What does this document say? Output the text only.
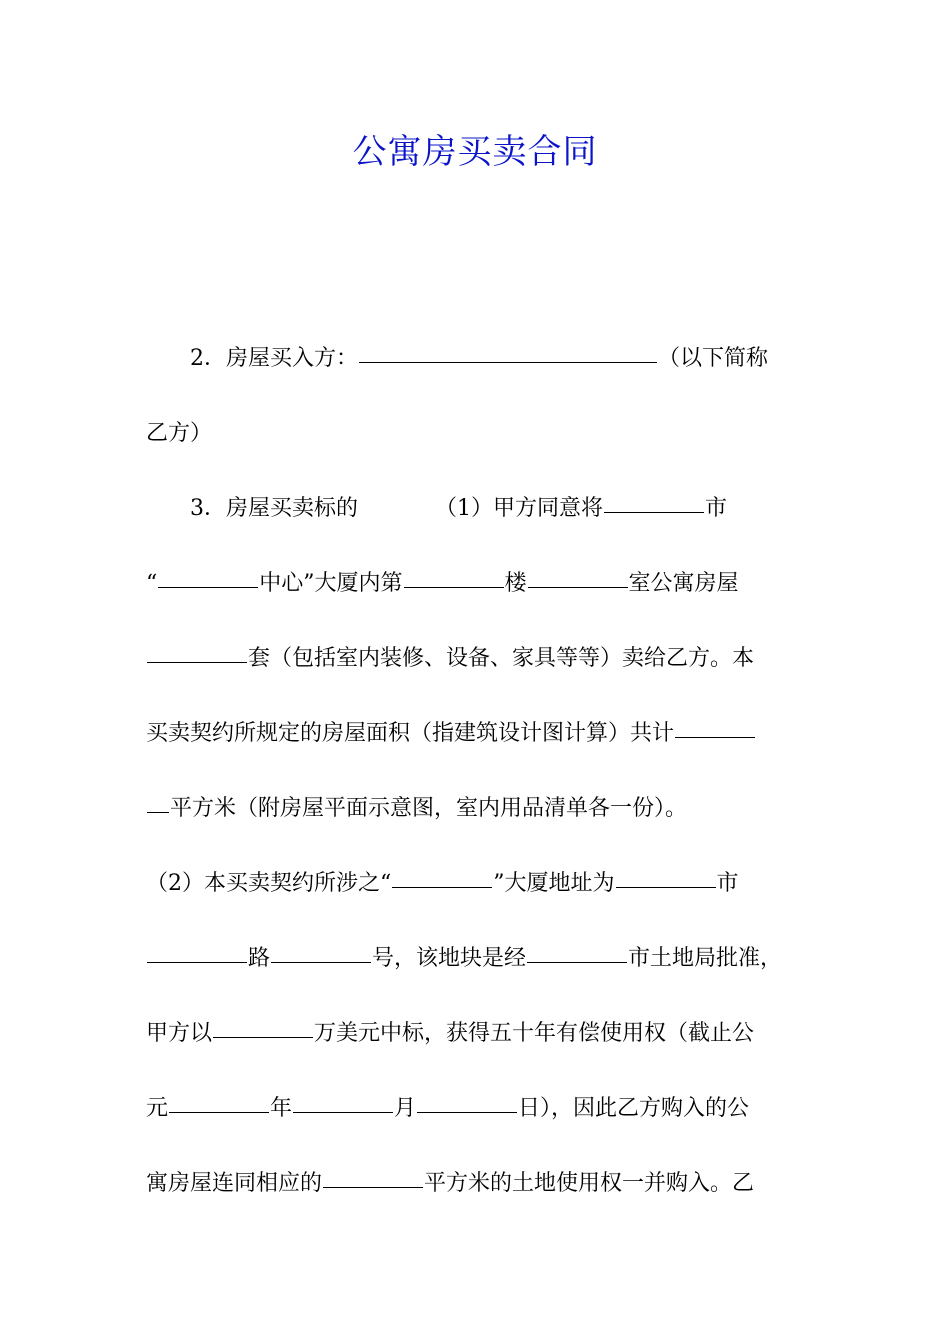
公寓房买卖合同
　　2．房屋买入方：	（以下简称
乙方）
　　3．房屋买卖标的　　　　（1）甲方同意将	市
“	中心”大厦内第	楼	室公寓房屋
套（包括室内装修、设备、家具等等）卖给乙方。本
买卖契约所规定的房屋面积（指建筑设计图计算）共计
平方米（附房屋平面示意图，室内用品清单各一份）。
（2）本买卖契约所涉之“	”大厦地址为	市
路	号，该地块是经	市土地局批准，
甲方以	万美元中标，获得五十年有偿使用权（截止公
元	年	月	日），因此乙方购入的公
寓房屋连同相应的	平方米的土地使用权一并购入。乙
